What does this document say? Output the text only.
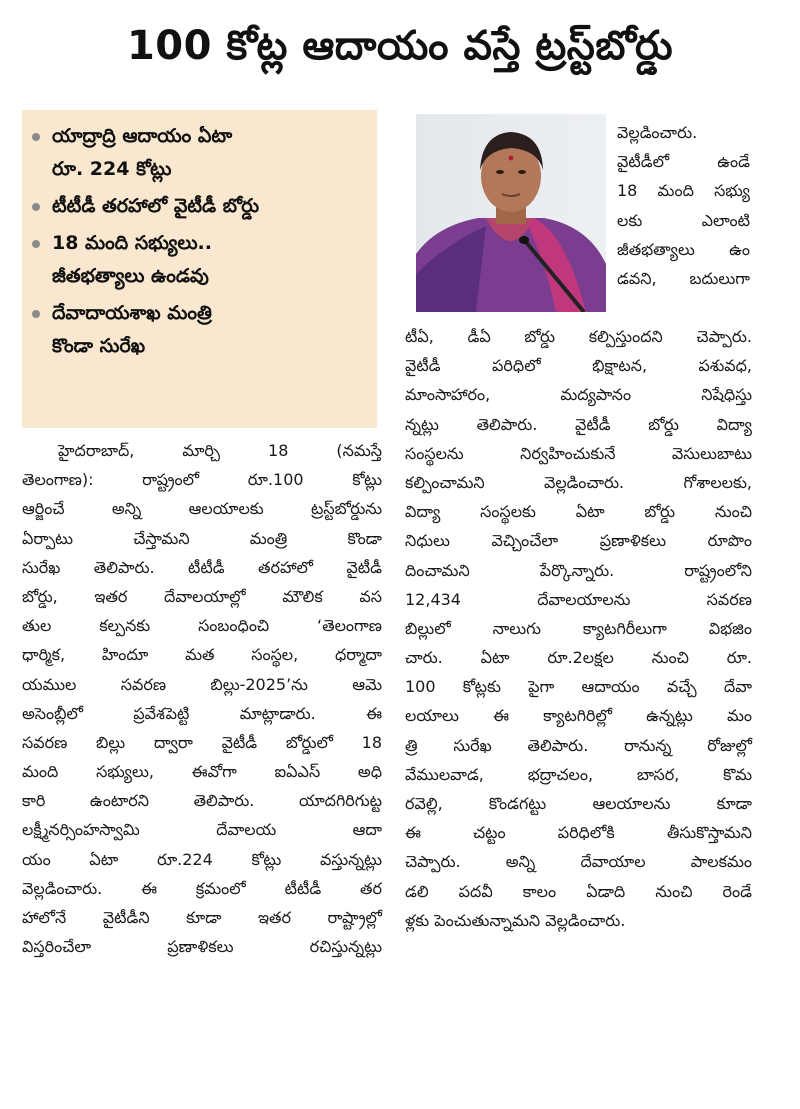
100 కోట్ల ఆదాయం వస్తే ట్రస్ట్‌బోర్డు
యాద్రాద్రి ఆదాయం ఏటా
రూ. 224 కోట్లు
టీటీడీ తరహాలో వైటీడీ బోర్డు
18 మంది సభ్యులు..
జీతభత్యాలు ఉండవు
దేవాదాయశాఖ మంత్రి
కొండా సురేఖ
వెల్లడించారు.
వైటీడీలో ఉండే
18 మంది సభ్యు
లకు ఎలాంటి
జీతభత్యాలు ఉం
డవని, బదులుగా
టీఏ, డీఏ బోర్డు కల్పిస్తుందని చెప్పారు.
వైటీడీ పరిధిలో భిక్షాటన, పశువధ,
మాంసాహారం, మద్యపానం నిషేధిస్తు
న్నట్లు తెలిపారు. వైటీడీ బోర్డు విద్యా
సంస్థలను నిర్వహించుకునే వెసులుబాటు
కల్పించామని వెల్లడించారు. గోశాలలకు,
విద్యా సంస్థలకు ఏటా బోర్డు నుంచి
నిధులు వెచ్చించేలా ప్రణాళికలు రూపొం
దించామని పేర్కొన్నారు. రాష్ట్రంలోని
12,434 దేవాలయాలను సవరణ
బిల్లులో నాలుగు క్యాటగిరీలుగా విభజిం
చారు. ఏటా రూ.2లక్షల నుంచి రూ.
100 కోట్లకు పైగా ఆదాయం వచ్చే దేవా
లయాలు ఈ క్యాటగిరిల్లో ఉన్నట్లు మం
త్రి సురేఖ తెలిపారు. రానున్న రోజుల్లో
వేములవాడ, భద్రాచలం, బాసర, కొమ
రవెల్లి, కొండగట్టు ఆలయాలను కూడా
ఈ చట్టం పరిధిలోకి తీసుకొస్తామని
చెప్పారు. అన్ని దేవాయాల పాలకమం
డలి పదవీ కాలం ఏడాది నుంచి రెండే
ళ్లకు పెంచుతున్నామని వెల్లడించారు.
హైదరాబాద్, మార్చి 18 (నమస్తే
తెలంగాణ): రాష్ట్రంలో రూ.100 కోట్లు
ఆర్జించే అన్ని ఆలయాలకు ట్రస్ట్‌బోర్డును
ఏర్పాటు చేస్తామని మంత్రి కొండా
సురేఖ తెలిపారు. టీటీడీ తరహాలో వైటీడీ
బోర్డు, ఇతర దేవాలయాల్లో మౌలిక వస
తుల కల్పనకు సంబంధించి ‘తెలంగాణ
ధార్మిక, హిందూ మత సంస్థల, ధర్మాదా
యముల సవరణ బిల్లు-2025’ను ఆమె
అసెంబ్లీలో ప్రవేశపెట్టి మాట్లాడారు. ఈ
సవరణ బిల్లు ద్వారా వైటీడీ బోర్డులో 18
మంది సభ్యులు, ఈవోగా ఐఏఎస్ అధి
కారి ఉంటారని తెలిపారు. యాదగిరిగుట్ట
లక్ష్మీనర్సింహస్వామి దేవాలయ ఆదా
యం ఏటా రూ.224 కోట్లు వస్తున్నట్లు
వెల్లడించారు. ఈ క్రమంలో టీటీడీ తర
హాలోనే వైటీడీని కూడా ఇతర రాష్ట్రాల్లో
విస్తరించేలా ప్రణాళికలు రచిస్తున్నట్లు
